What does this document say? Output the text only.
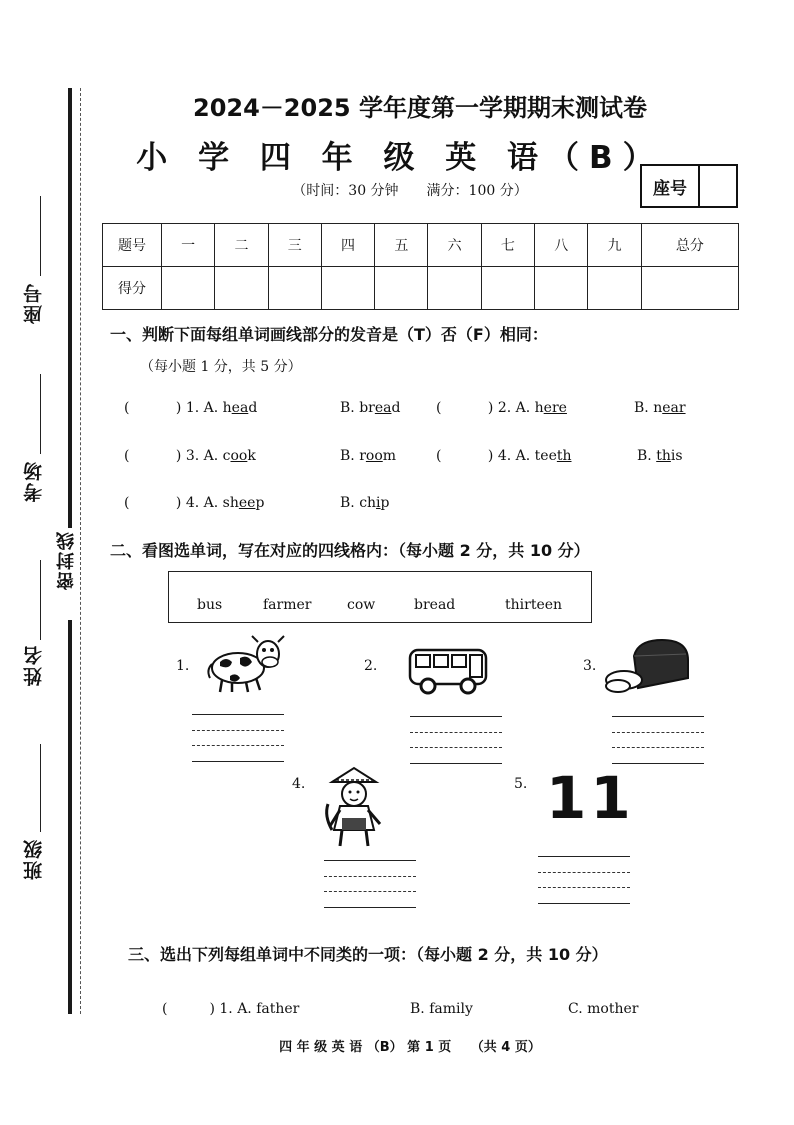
座号
考场
密封线
姓名
班级
2024－2025 学年度第一学期期末测试卷
小 学 四 年 级 英 语（B）
（时间：30 分钟　　满分：100 分）	座号
题号	一	二	三	四	五	六	七	八	九	总分
得分										
一、判断下面每组单词画线部分的发音是（T）否（F）相同：
（每小题 1 分，共 5 分）
(	) 1. A. head	B. bread	(	) 2. A. here	B. near
(	) 3. A. cook	B. room	(	) 4. A. teeth	B. this
(	) 4. A. sheep	B. chip
二、看图选单词，写在对应的四线格内：（每小题 2 分，共 10 分）
bus	farmer	cow	bread	thirteen
1.	2.	3.
4.	5. 11
三、选出下列每组单词中不同类的一项：（每小题 2 分，共 10 分）
(	) 1. A. father	B. family	C. mother
四 年 级 英 语 （B） 第 1 页　　（共 4 页）
